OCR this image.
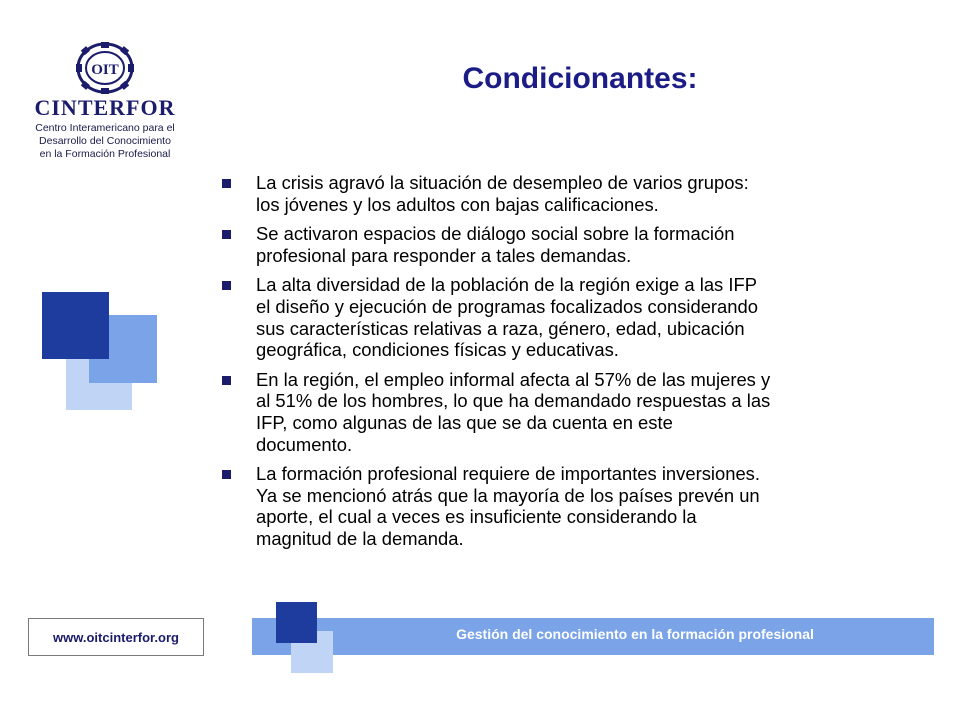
OIT
CINTERFOR
Centro Interamericano para el
Desarrollo del Conocimiento
en la Formación Profesional
Condicionantes:
La crisis agravó la situación de desempleo de varios grupos:
los jóvenes y los adultos con bajas calificaciones.
Se activaron espacios de diálogo social sobre la formación
profesional para responder a tales demandas.
La alta diversidad de la población de la región exige a las IFP
el diseño y ejecución de programas focalizados considerando
sus características relativas a raza, género, edad, ubicación
geográfica, condiciones físicas y educativas.
En la región, el empleo informal afecta al 57% de las mujeres y
al 51% de los hombres, lo que ha demandado respuestas a las
IFP, como algunas de las que se da cuenta en este
documento.
La formación profesional requiere de importantes inversiones.
Ya se mencionó atrás que la mayoría de los países prevén un
aporte, el cual a veces es insuficiente considerando la
magnitud de la demanda.
www.oitcinterfor.org	Gestión del conocimiento en la formación profesional
